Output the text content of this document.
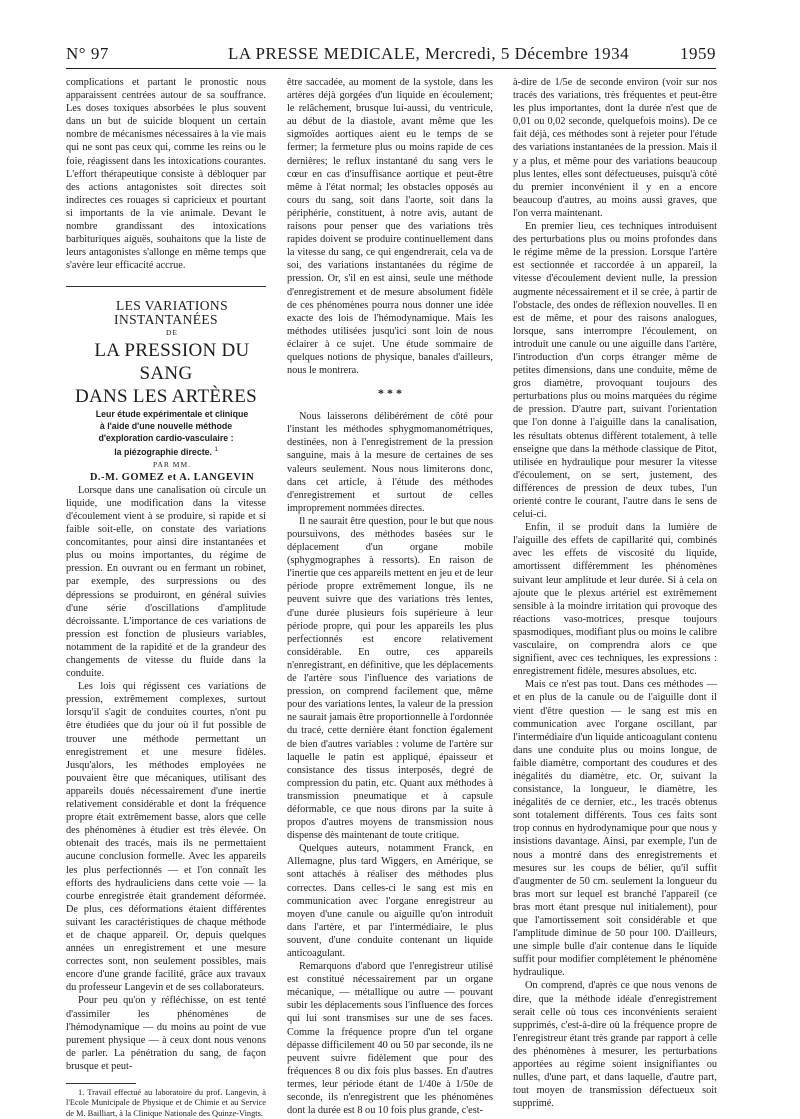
N° 97	LA PRESSE MEDICALE, Mercredi, 5 Décembre 1934	1959

complications et partant le pronostic nous apparaissent centrées autour de sa souffrance. Les doses toxiques absorbées le plus souvent dans un but de suicide bloquent un certain nombre de mécanismes nécessaires à la vie mais qui ne sont pas ceux qui, comme les reins ou le foie, réagissent dans les intoxications courantes. L'effort thérapeutique consiste à débloquer par des actions antagonistes soit directes soit indirectes ces rouages si capricieux et pourtant si importants de la vie animale. Devant le nombre grandissant des intoxications barbituriques aiguës, souhaitons que la liste de leurs antagonistes s'allonge en même temps que s'avère leur efficacité accrue.

LES VARIATIONS INSTANTANÉES

DE

LA PRESSION DU SANG
DANS LES ARTÈRES

Leur étude expérimentale et clinique
à l'aide d'une nouvelle méthode
d'exploration cardio-vasculaire :
la piézographie directe. $^1$

PAR MM.

D.-M. GOMEZ et A. LANGEVIN

Lorsque dans une canalisation où circule un liquide, une modification dans la vitesse d'écoulement vient à se produire, si rapide et si faible soit-elle, on constate des variations concomitantes, pour ainsi dire instantanées et plus ou moins importantes, du régime de pression. En ouvrant ou en fermant un robinet, par exemple, des surpressions ou des dépressions se produiront, en général suivies d'une série d'oscillations d'amplitude décroissante. L'importance de ces variations de pression est fonction de plusieurs variables, notamment de la rapidité et de la grandeur des changements de vitesse du fluide dans la conduite.

Les lois qui régissent ces variations de pression, extrêmement complexes, surtout lorsqu'il s'agit de conduites courtes, n'ont pu être étudiées que du jour où il fut possible de trouver une méthode permettant un enregistrement et une mesure fidèles. Jusqu'alors, les méthodes employées ne pouvaient être que mécaniques, utilisant des appareils doués nécessairement d'une inertie relativement considérable et dont la fréquence propre était extrêmement basse, alors que celle des phénomènes à étudier est très élevée. On obtenait des tracés, mais ils ne permettaient aucune conclusion formelle. Avec les appareils les plus perfectionnés — et l'on connaît les efforts des hydrauliciens dans cette voie — la courbe enregistrée était grandement déformée. De plus, ces déformations étaient différentes suivant les caractéristiques de chaque méthode et de chaque appareil. Or, depuis quelques années un enregistrement et une mesure correctes sont, non seulement possibles, mais encore d'une grande facilité, grâce aux travaux du professeur Langevin et de ses collaborateurs.

Pour peu qu'on y réfléchisse, on est tenté d'assimiler les phénomènes de l'hémodynamique — du moins au point de vue purement physique — à ceux dont nous venons de parler. La pénétration du sang, de façon brusque et peut-

1. Travail effectué au laboratoire du prof. Langevin, à l'Ecole Municipale de Physique et de Chimie et au Service de M. Bailliart, à la Clinique Nationale des Quinze-Vingts.

être saccadée, au moment de la systole, dans les artères déjà gorgées d'un liquide en écoulement; le relâchement, brusque lui-aussi, du ventricule, au début de la diastole, avant même que les sigmoïdes aortiques aient eu le temps de se fermer; la fermeture plus ou moins rapide de ces dernières; le reflux instantané du sang vers le cœur en cas d'insuffisance aortique et peut-être même à l'état normal; les obstacles opposés au cours du sang, soit dans l'aorte, soit dans la périphérie, constituent, à notre avis, autant de raisons pour penser que des variations très rapides doivent se produire continuellement dans la vitesse du sang, ce qui engendrerait, cela va de soi, des variations instantanées du régime de pression. Or, s'il en est ainsi, seule une méthode d'enregistrement et de mesure absolument fidèle de ces phénomènes pourra nous donner une idée exacte des lois de l'hémodynamique. Mais les méthodes utilisées jusqu'ici sont loin de nous éclairer à ce sujet. Une étude sommaire de quelques notions de physique, banales d'ailleurs, nous le montrera.

* * *

Nous laisserons délibérément de côté pour l'instant les méthodes sphygmomanométriques, destinées, non à l'enregistrement de la pression sanguine, mais à la mesure de certaines de ses valeurs seulement. Nous nous limiterons donc, dans cet article, à l'étude des méthodes d'enregistrement et surtout de celles improprement nommées directes.

Il ne saurait être question, pour le but que nous poursuivons, des méthodes basées sur le déplacement d'un organe mobile (sphygmographes à ressorts). En raison de l'inertie que ces appareils mettent en jeu et de leur période propre extrêmement longue, ils ne peuvent suivre que des variations très lentes, d'une durée plusieurs fois supérieure à leur période propre, qui pour les appareils les plus perfectionnés est encore relativement considérable. En outre, ces appareils n'enregistrant, en définitive, que les déplacements de l'artère sous l'influence des variations de pression, on comprend facilement que, même pour des variations lentes, la valeur de la pression ne saurait jamais être proportionnelle à l'ordonnée du tracé, cette dernière étant fonction également de bien d'autres variables : volume de l'artère sur laquelle le patin est appliqué, épaisseur et consistance des tissus interposés, degré de compression du patin, etc. Quant aux méthodes à transmission pneumatique et à capsule déformable, ce que nous dirons par la suite à propos d'autres moyens de transmission nous dispense dès maintenant de toute critique.

Quelques auteurs, notamment Franck, en Allemagne, plus tard Wiggers, en Amérique, se sont attachés à réaliser des méthodes plus correctes. Dans celles-ci le sang est mis en communication avec l'organe enregistreur au moyen d'une canule ou aiguille qu'on introduit dans l'artère, et par l'intermédiaire, le plus souvent, d'une conduite contenant un liquide anticoagulant.

Remarquons d'abord que l'enregistreur utilisé est constitué nécessairement par un organe mécanique, — métallique ou autre — pouvant subir les déplacements sous l'influence des forces qui lui sont transmises sur une de ses faces. Comme la fréquence propre d'un tel organe dépasse difficilement 40 ou 50 par seconde, ils ne peuvent suivre fidèlement que pour des fréquences 8 ou dix fois plus basses. En d'autres termes, leur période étant de 1/40e à 1/50e de seconde, ils n'enregistrent que les phénomènes dont la durée est 8 ou 10 fois plus grande, c'est-

à-dire de 1/5e de seconde environ (voir sur nos tracés des variations, très fréquentes et peut-être les plus importantes, dont la durée n'est que de 0,01 ou 0,02 seconde, quelquefois moins). De ce fait déjà, ces méthodes sont à rejeter pour l'étude des variations instantanées de la pression. Mais il y a plus, et même pour des variations beaucoup plus lentes, elles sont défectueuses, puisqu'à côté du premier inconvénient il y en a encore beaucoup d'autres, au moins aussi graves, que l'on verra maintenant.

En premier lieu, ces techniques introduisent des perturbations plus ou moins profondes dans le régime même de la pression. Lorsque l'artère est sectionnée et raccordée à un appareil, la vitesse d'écoulement devient nulle, la pression augmente nécessairement et il se crée, à partir de l'obstacle, des ondes de réflexion nouvelles. Il en est de même, et pour des raisons analogues, lorsque, sans interrompre l'écoulement, on introduit une canule ou une aiguille dans l'artère, l'introduction d'un corps étranger même de petites dimensions, dans une conduite, même de gros diamètre, provoquant toujours des perturbations plus ou moins marquées du régime de pression. D'autre part, suivant l'orientation que l'on donne à l'aiguille dans la canalisation, les résultats obtenus diffèrent totalement, à telle enseigne que dans la méthode classique de Pitot, utilisée en hydraulique pour mesurer la vitesse d'écoulement, on se sert, justement, des différences de pression de deux tubes, l'un orienté contre le courant, l'autre dans le sens de celui-ci.

Enfin, il se produit dans la lumière de l'aiguille des effets de capillarité qui, combinés avec les effets de viscosité du liquide, amortissent différemment les phénomènes suivant leur amplitude et leur durée. Si à cela on ajoute que le plexus artériel est extrêmement sensible à la moindre irritation qui provoque des réactions vaso-motrices, presque toujours spasmodiques, modifiant plus ou moins le calibre vasculaire, on comprendra alors ce que signifient, avec ces techniques, les expressions : enregistrement fidèle, mesures absolues, etc.

Mais ce n'est pas tout. Dans ces méthodes — et en plus de la canule ou de l'aiguille dont il vient d'être question — le sang est mis en communication avec l'organe oscillant, par l'intermédiaire d'un liquide anticoagulant contenu dans une conduite plus ou moins longue, de faible diamètre, comportant des coudures et des inégalités du diamètre, etc. Or, suivant la consistance, la longueur, le diamètre, les inégalités de ce dernier, etc., les tracés obtenus sont totalement différents. Tous ces faits sont trop connus en hydrodynamique pour que nous y insistions davantage. Ainsi, par exemple, l'un de nous a montré dans des enregistrements et mesures sur les coups de bélier, qu'il suffit d'augmenter de 50 cm. seulement la longueur du bras mort sur lequel est branché l'appareil (ce bras mort étant presque nul initialement), pour que l'amortissement soit considérable et que l'amplitude diminue de 50 pour 100. D'ailleurs, une simple bulle d'air contenue dans le liquide suffit pour modifier complètement le phénomène hydraulique.

On comprend, d'après ce que nous venons de dire, que la méthode idéale d'enregistrement serait celle où tous ces inconvénients seraient supprimés, c'est-à-dire où la fréquence propre de l'enregistreur étant très grande par rapport à celle des phénomènes à mesurer, les perturbations apportées au régime soient insignifiantes ou nulles, d'une part, et dans laquelle, d'autre part, tout moyen de transmission défectueux soit supprimé.
